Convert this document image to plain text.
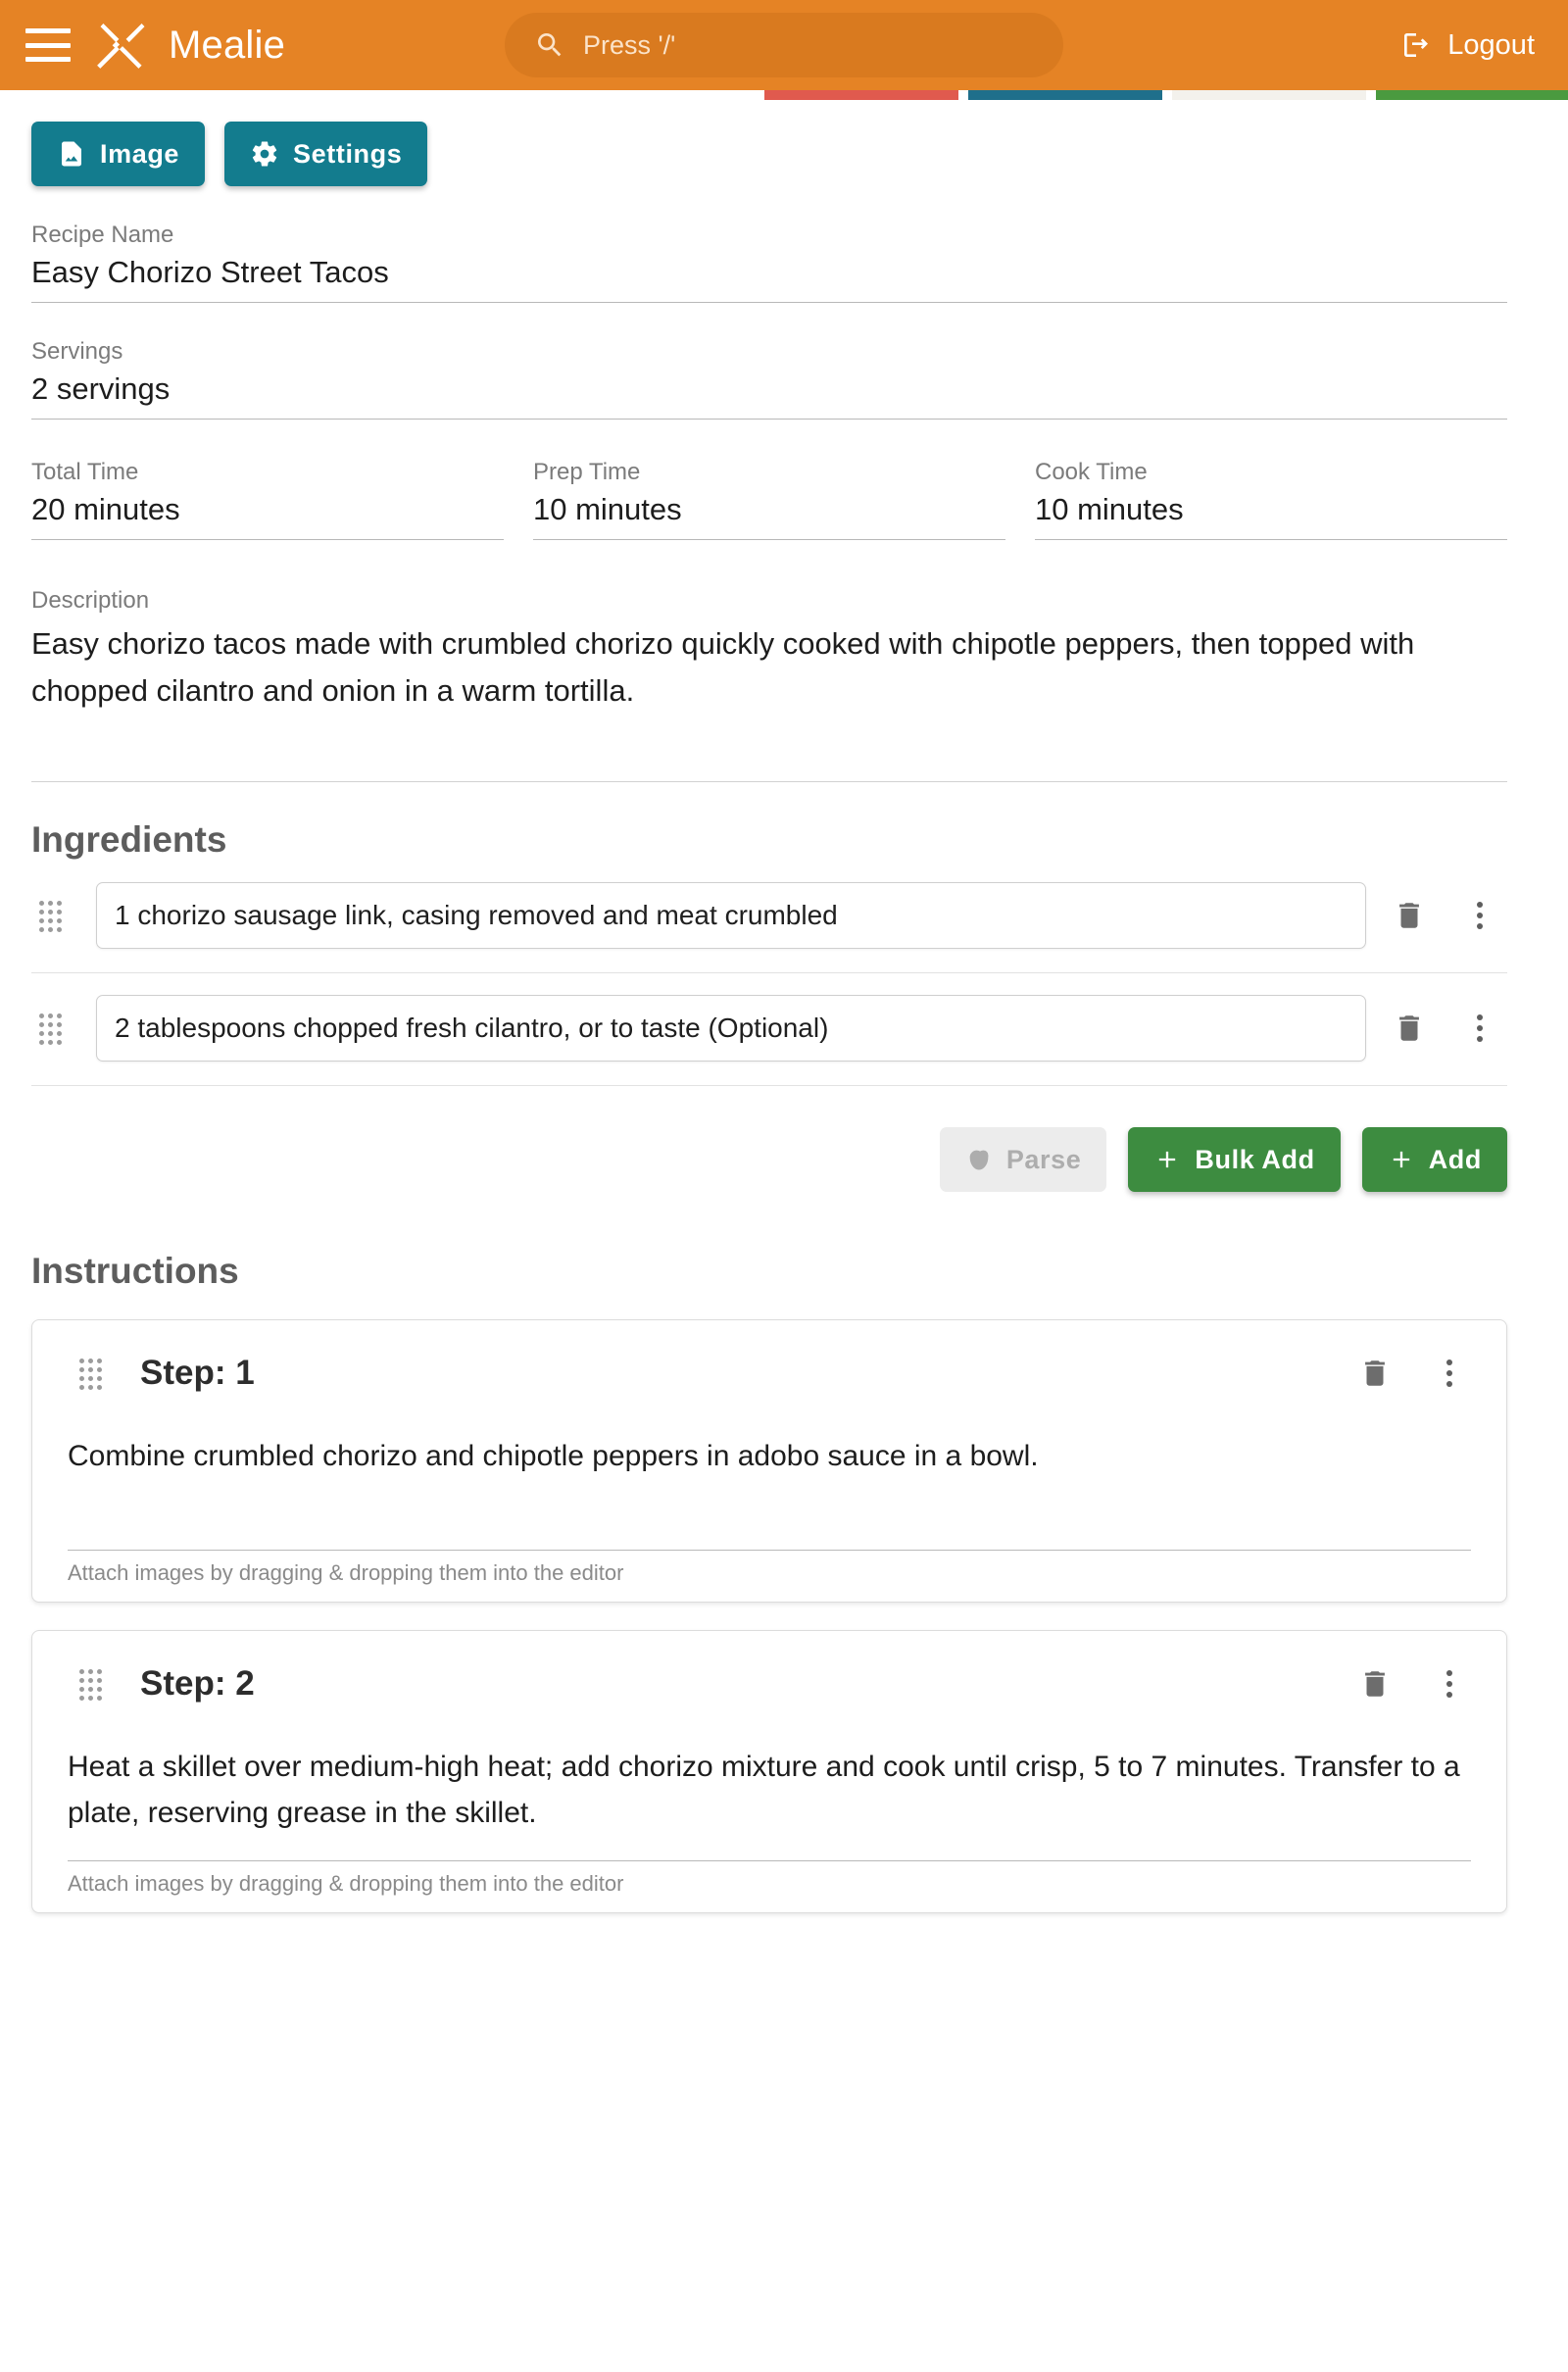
Mealie	Press '/'	Logout
Image	Settings
Recipe Name
Easy Chorizo Street Tacos
Servings
2 servings
Total Time
20 minutes
Prep Time
10 minutes
Cook Time
10 minutes
Description
Easy chorizo tacos made with crumbled chorizo quickly cooked with chipotle peppers, then topped with chopped cilantro and onion in a warm tortilla.
Ingredients
1 chorizo sausage link, casing removed and meat crumbled
2 tablespoons chopped fresh cilantro, or to taste (Optional)
Parse	Bulk Add	Add
Instructions
Step: 1
Combine crumbled chorizo and chipotle peppers in adobo sauce in a bowl.
Attach images by dragging & dropping them into the editor
Step: 2
Heat a skillet over medium-high heat; add chorizo mixture and cook until crisp, 5 to 7 minutes. Transfer to a plate, reserving grease in the skillet.
Attach images by dragging & dropping them into the editor
